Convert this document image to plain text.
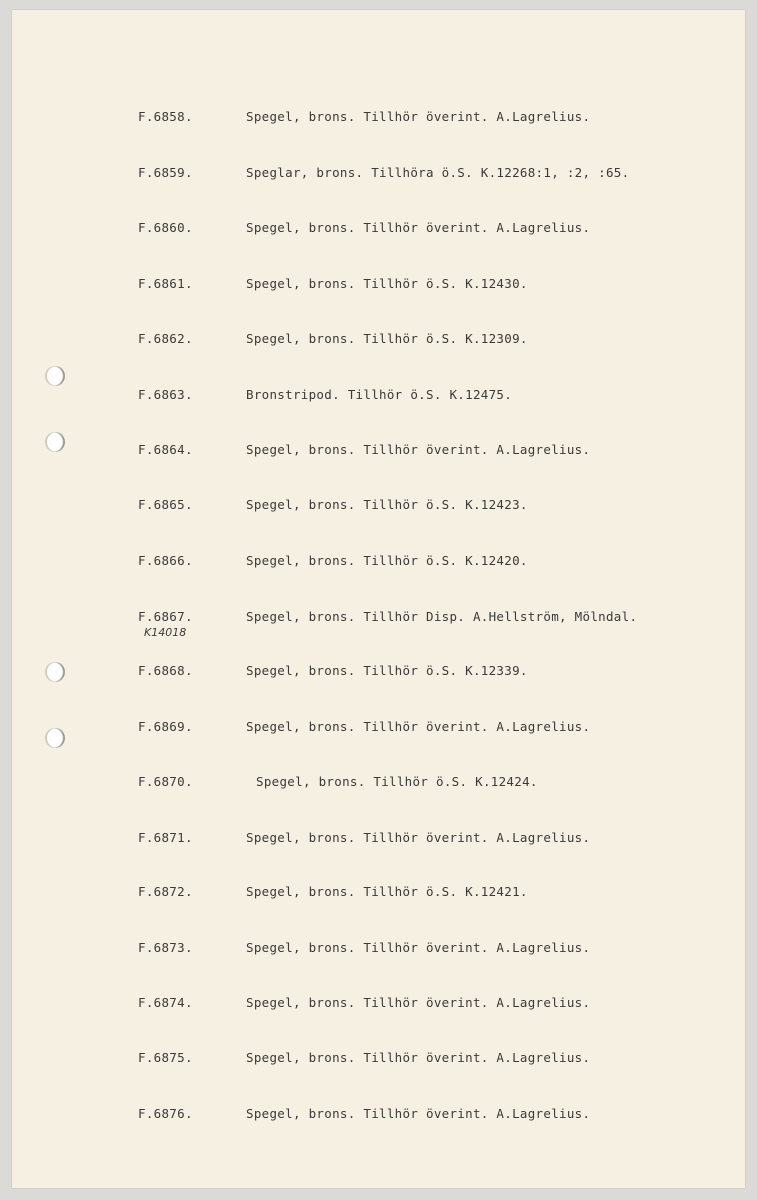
F.6858.	Spegel, brons. Tillhör överint. A.Lagrelius.
F.6859.	Speglar, brons. Tillhöra ö.S. K.12268:1, :2, :65.
F.6860.	Spegel, brons. Tillhör överint. A.Lagrelius.
F.6861.	Spegel, brons. Tillhör ö.S. K.12430.
F.6862.	Spegel, brons. Tillhör ö.S. K.12309.
F.6863.	Bronstripod. Tillhör ö.S. K.12475.
F.6864.	Spegel, brons. Tillhör överint. A.Lagrelius.
F.6865.	Spegel, brons. Tillhör ö.S. K.12423.
F.6866.	Spegel, brons. Tillhör ö.S. K.12420.
F.6867.	Spegel, brons. Tillhör Disp. A.Hellström, Mölndal.
K14018
F.6868.	Spegel, brons. Tillhör ö.S. K.12339.
F.6869.	Spegel, brons. Tillhör överint. A.Lagrelius.
F.6870.	Spegel, brons. Tillhör ö.S. K.12424.
F.6871.	Spegel, brons. Tillhör överint. A.Lagrelius.
F.6872.	Spegel, brons. Tillhör ö.S. K.12421.
F.6873.	Spegel, brons. Tillhör överint. A.Lagrelius.
F.6874.	Spegel, brons. Tillhör överint. A.Lagrelius.
F.6875.	Spegel, brons. Tillhör överint. A.Lagrelius.
F.6876.	Spegel, brons. Tillhör överint. A.Lagrelius.
